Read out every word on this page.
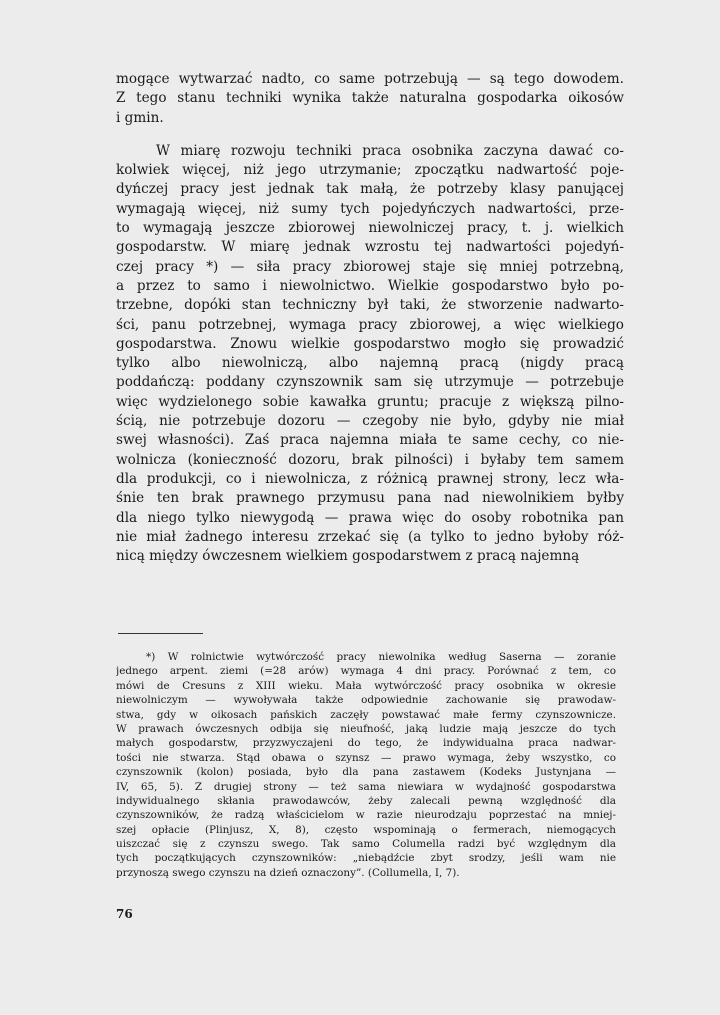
mogące wytwarzać nadto, co same potrzebują — są tego dowodem.
Z tego stanu techniki wynika także naturalna gospodarka oikosów
i gmin.
W miarę rozwoju techniki praca osobnika zaczyna dawać co-
kolwiek więcej, niż jego utrzymanie; zpoczątku nadwartość poje-
dyńczej pracy jest jednak tak małą, że potrzeby klasy panującej
wymagają więcej, niż sumy tych pojedyńczych nadwartości, prze-
to wymagają jeszcze zbiorowej niewolniczej pracy, t. j. wielkich
gospodarstw. W miarę jednak wzrostu tej nadwartości pojedyń-
czej pracy *) — siła pracy zbiorowej staje się mniej potrzebną,
a przez to samo i niewolnictwo. Wielkie gospodarstwo było po-
trzebne, dopóki stan techniczny był taki, że stworzenie nadwarto-
ści, panu potrzebnej, wymaga pracy zbiorowej, a więc wielkiego
gospodarstwa. Znowu wielkie gospodarstwo mogło się prowadzić
tylko albo niewolniczą, albo najemną pracą (nigdy pracą
poddańczą: poddany czynszownik sam się utrzymuje — potrzebuje
więc wydzielonego sobie kawałka gruntu; pracuje z większą pilno-
ścią, nie potrzebuje dozoru — czegoby nie było, gdyby nie miał
swej własności). Zaś praca najemna miała te same cechy, co nie-
wolnicza (konieczność dozoru, brak pilności) i byłaby tem samem
dla produkcji, co i niewolnicza, z różnicą prawnej strony, lecz wła-
śnie ten brak prawnego przymusu pana nad niewolnikiem byłby
dla niego tylko niewygodą — prawa więc do osoby robotnika pan
nie miał żadnego interesu zrzekać się (a tylko to jedno byłoby róż-
nicą między ówczesnem wielkiem gospodarstwem z pracą najemną
*) W rolnictwie wytwórczość pracy niewolnika według Saserna — zoranie
jednego arpent. ziemi (=28 arów) wymaga 4 dni pracy. Porównać z tem, co
mówi de Cresuns z XIII wieku. Mała wytwórczość pracy osobnika w okresie
niewolniczym — wywoływała także odpowiednie zachowanie się prawodaw-
stwa, gdy w oikosach pańskich zaczęły powstawać małe fermy czynszownicze.
W prawach ówczesnych odbija się nieufność, jaką ludzie mają jeszcze do tych
małych gospodarstw, przyzwyczajeni do tego, że indywidualna praca nadwar-
tości nie stwarza. Stąd obawa o szynsz — prawo wymaga, żeby wszystko, co
czynszownik (kolon) posiada, było dla pana zastawem (Kodeks Justynjana —
IV, 65, 5). Z drugiej strony — też sama niewiara w wydajność gospodarstwa
indywidualnego skłania prawodawców, żeby zalecali pewną względność dla
czynszowników, że radzą właścicielom w razie nieurodzaju poprzestać na mniej-
szej opłacie (Plinjusz, X, 8), często wspominają o fermerach, niemogących
uiszczać się z czynszu swego. Tak samo Columella radzi być względnym dla
tych początkujących czynszowników: „niebądźcie zbyt srodzy, jeśli wam nie
przynoszą swego czynszu na dzień oznaczony”. (Collumella, I, 7).
76
